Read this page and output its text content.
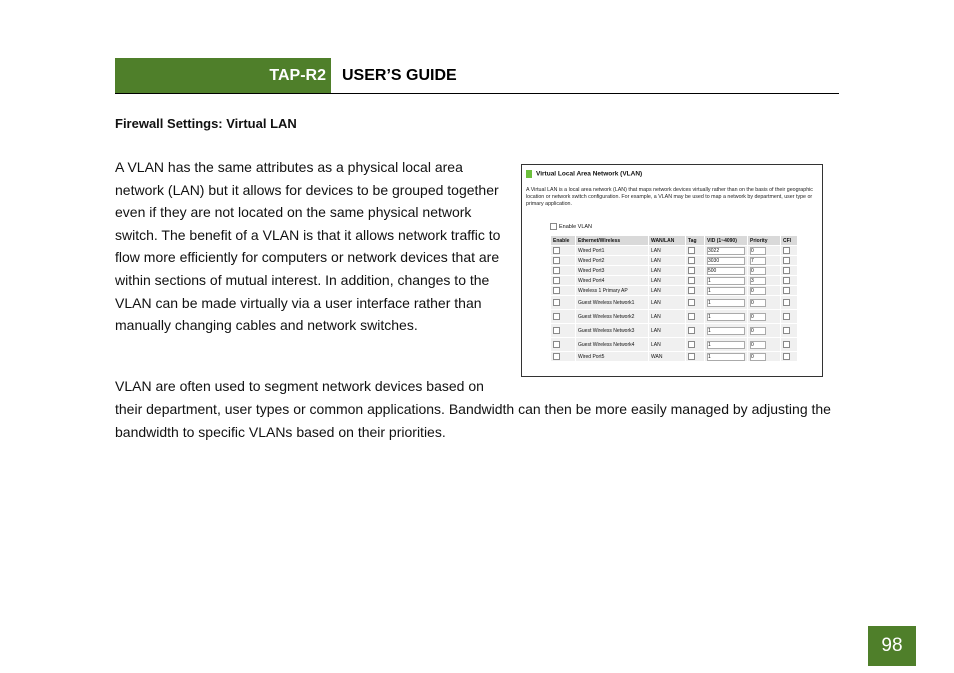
TAP-R2 USER’S GUIDE
Firewall Settings: Virtual LAN
A VLAN has the same attributes as a physical local area network (LAN) but it allows for devices to be grouped together even if they are not located on the same physical network switch. The benefit of a VLAN is that it allows network traffic to flow more efficiently for computers or network devices that are within sections of mutual interest. In addition, changes to the VLAN can be made virtually via a user interface rather than manually changing cables and network switches.
Virtual Local Area Network (VLAN)
A Virtual LAN is a local area network (LAN) that maps network devices virtually rather than on the basis of their geographic location or network switch configuration. For example, a VLAN may be used to map a network by department, user type or primary application.
Enable VLAN
Enable	Ethernet/Wireless	WAN/LAN	Tag	VID (1~4090)	Priority	CFI
	Wired Port1	LAN		3022	0	
	Wired Port2	LAN		3030	7	
	Wired Port3	LAN		500	0	
	Wired Port4	LAN		1	3	
	Wireless 1 Primary AP	LAN		1	0	
	Guest Wireless Network1	LAN		1	0	
	Guest Wireless Network2	LAN		1	0	
	Guest Wireless Network3	LAN		1	0	
	Guest Wireless Network4	LAN		1	0	
	Wired Port5	WAN		1	0	
VLAN are often used to segment network devices based on
their department, user types or common applications. Bandwidth can then be more easily managed by adjusting the bandwidth to specific VLANs based on their priorities.
98
